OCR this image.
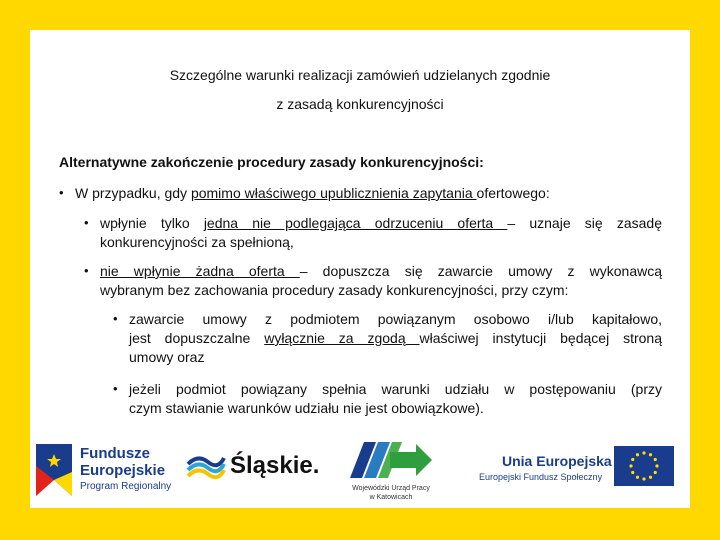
Szczególne warunki realizacji zamówień udzielanych zgodnie
z zasadą konkurencyjności
Alternatywne zakończenie procedury zasady konkurencyjności:
• W przypadku, gdy pomimo właściwego upublicznienia zapytania ofertowego:
• wpłynie tylko jedna nie podlegająca odrzuceniu oferta – uznaje się zasadę
konkurencyjności za spełnioną,
• nie wpłynie żadna oferta – dopuszcza się zawarcie umowy z wykonawcą
wybranym bez zachowania procedury zasady konkurencyjności, przy czym:
• zawarcie umowy z podmiotem powiązanym osobowo i/lub kapitałowo,
jest dopuszczalne wyłącznie za zgodą właściwej instytucji będącej stroną
umowy oraz
• jeżeli podmiot powiązany spełnia warunki udziału w postępowaniu (przy
czym stawianie warunków udziału nie jest obowiązkowe).
Fundusze
Europejskie
Program Regionalny
Śląskie.
Wojewódzki Urząd Pracy
w Katowicach
Unia Europejska
Europejski Fundusz Społeczny
